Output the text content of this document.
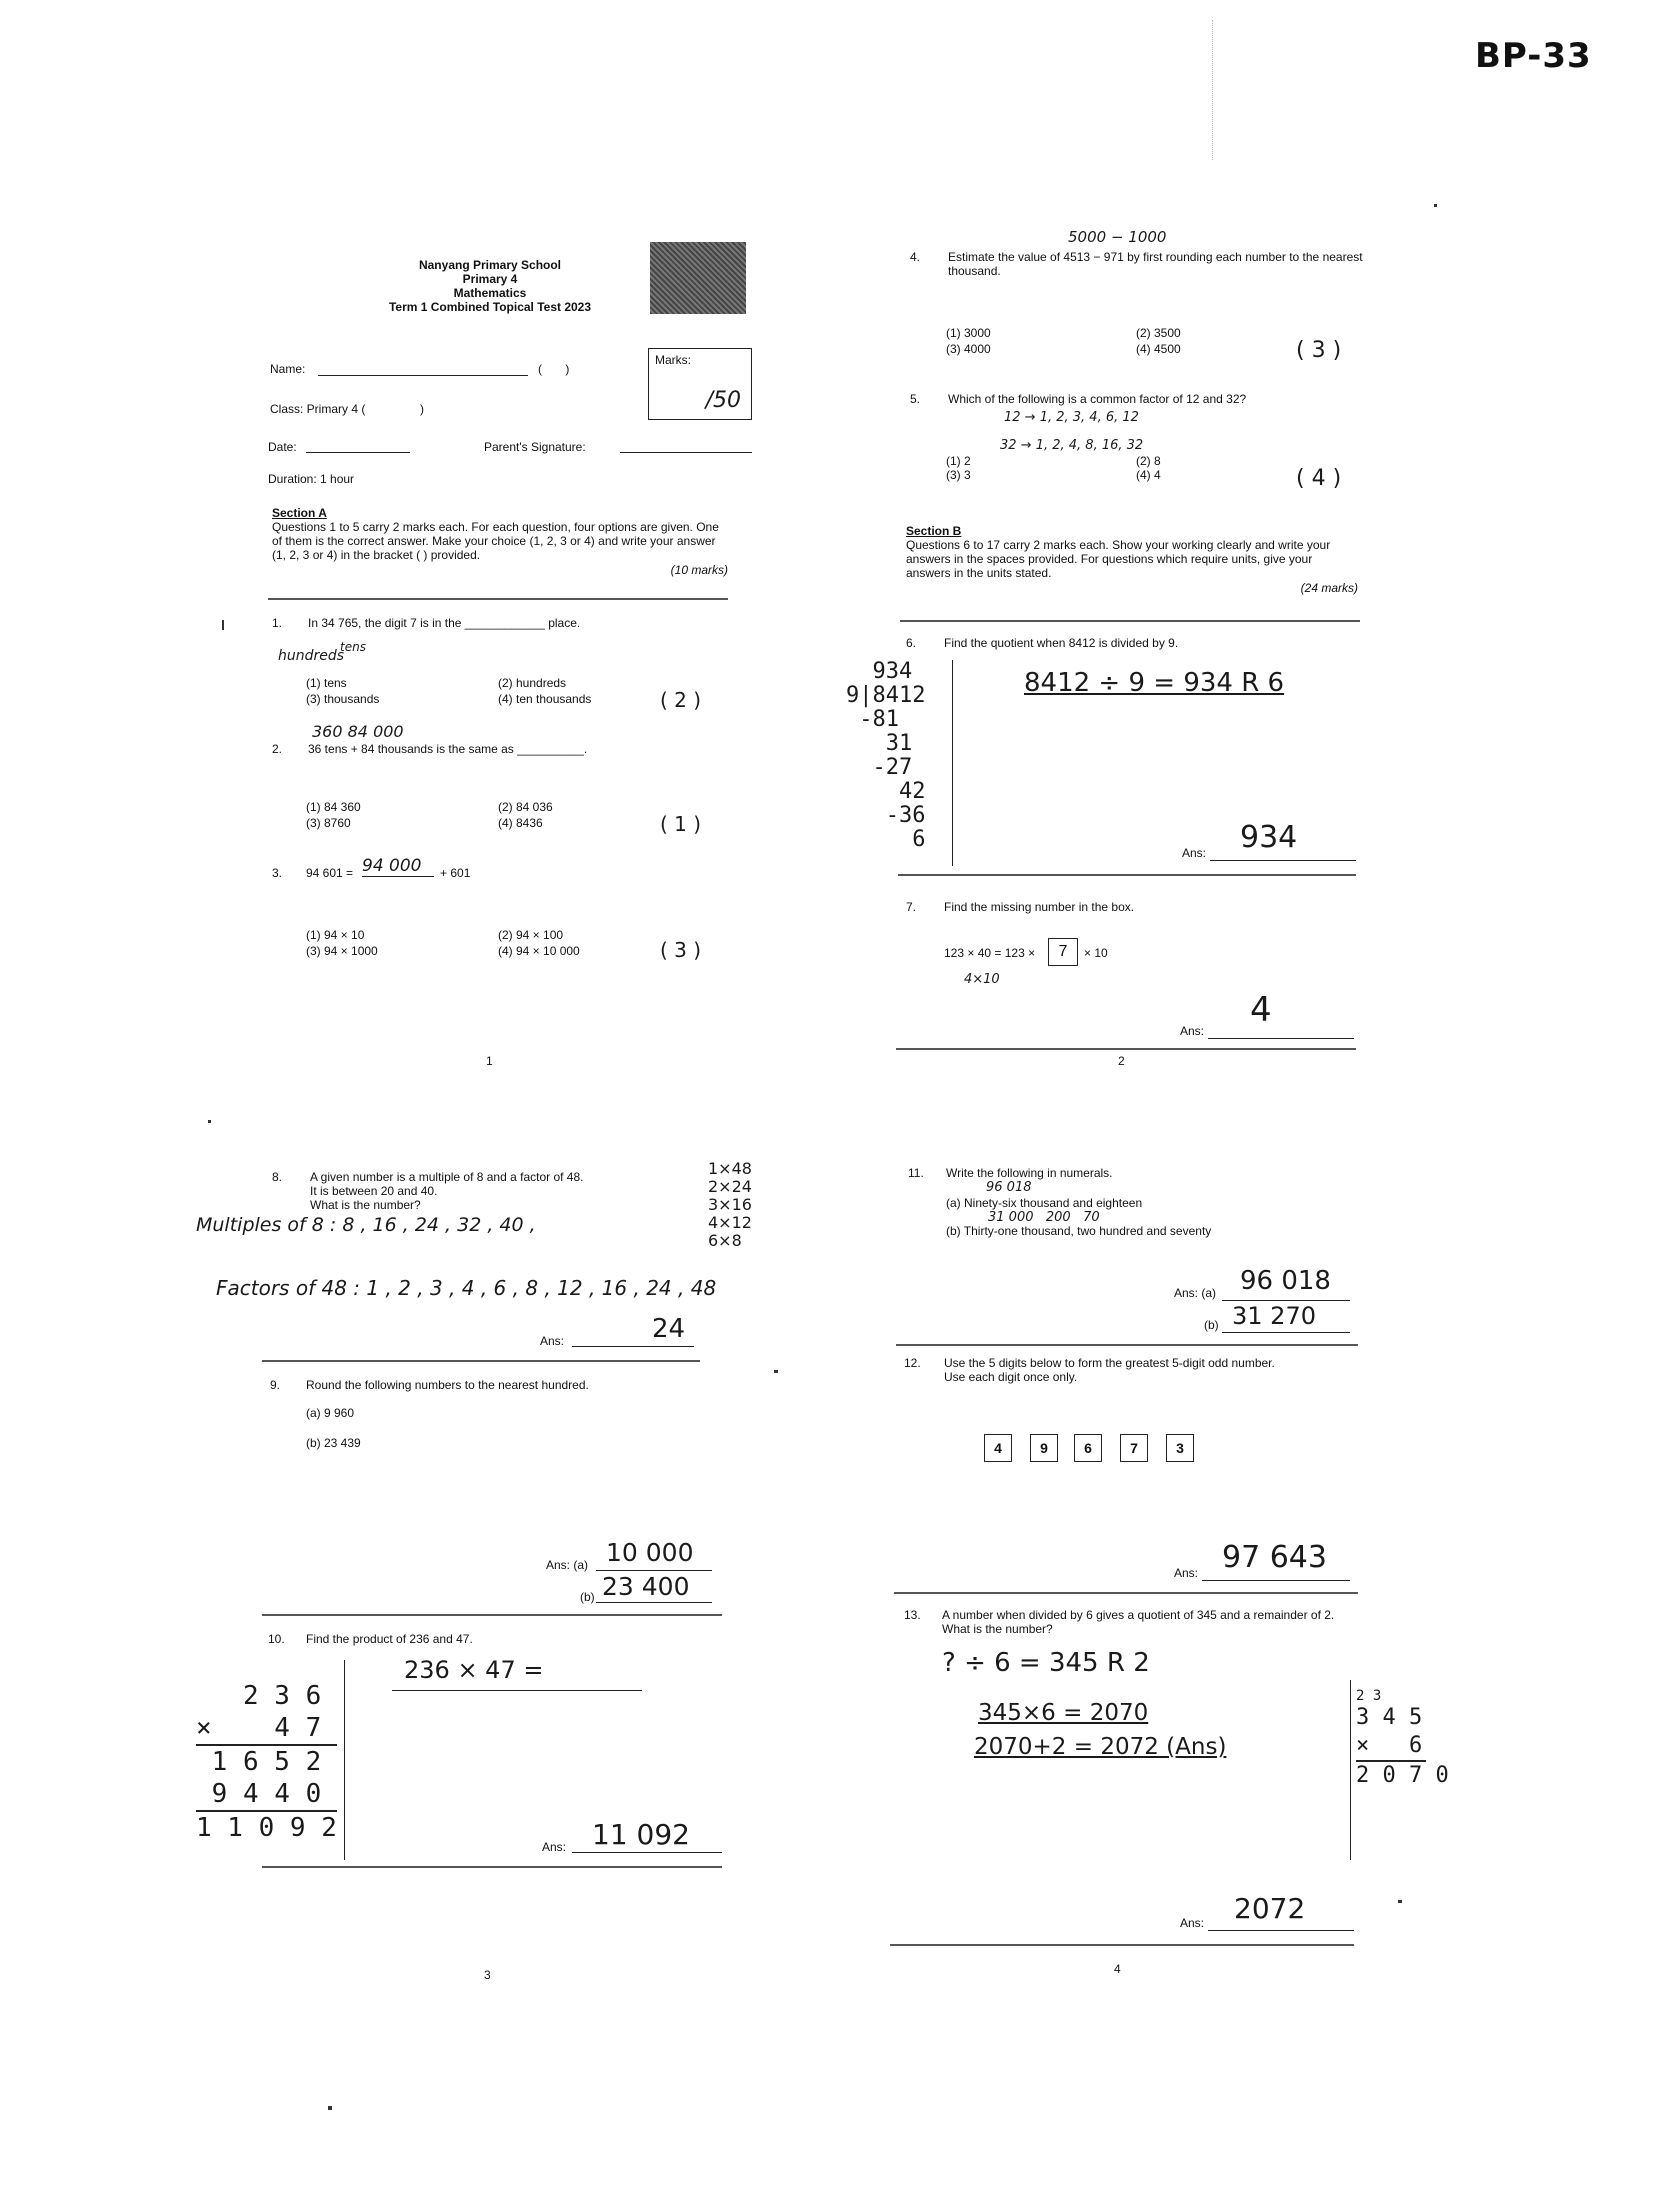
BP-33
Nanyang Primary School
Primary 4
Mathematics
Term 1 Combined Topical Test 2023
Name:	(       )
Class: Primary 4 (	)
Date:	Parent's Signature:
Duration: 1 hour
Marks:
/50
Section A
Questions 1 to 5 carry 2 marks each. For each question, four options are given. One of them is the correct answer. Make your choice (1, 2, 3 or 4) and write your answer (1, 2, 3 or 4) in the bracket ( ) provided.
(10 marks)
1. In 34 765, the digit 7 is in the ____________ place.
hundreds
tens
(1) tens	(2) hundreds
(3) thousands	(4) ten thousands	( 2 )
360 84 000
2. 36 tens + 84 thousands is the same as __________.
(1) 84 360	(2) 84 036
(3) 8760	(4) 8436	( 1 )
3. 94 601 = 94 000	+ 601
(1) 94 × 10	(2) 94 × 100
(3) 94 × 1000	(4) 94 × 10 000	( 3 )
1
5000 − 1000
4. Estimate the value of 4513 − 971 by first rounding each number to the nearest thousand.
(1) 3000	(2) 3500
(3) 4000	(4) 4500	( 3 )
5. Which of the following is a common factor of 12 and 32?
12 → 1, 2, 3, 4, 6, 12
32 → 1, 2, 4, 8, 16, 32
(1) 2	(2) 8
(3) 3	(4) 4	( 4 )
Section B
Questions 6 to 17 carry 2 marks each. Show your working clearly and write your answers in the spaces provided. For questions which require units, give your answers in the units stated.
(24 marks)
6. Find the quotient when 8412 is divided by 9.
8412 ÷ 9 = 934 R 6
934
9|8412
-81
31
-27
42
-36
6
Ans: 934
7. Find the missing number in the box.
123 × 40 = 123 ×	7	× 10
4×10
Ans:
4
2
8. A given number is a multiple of 8 and a factor of 48.
It is between 20 and 40.
What is the number?
1×48
2×24
3×16
4×12
6×8
Multiples of 8 : 8 , 16 , 24 , 32 , 40 ,
Factors of 48 : 1 , 2 , 3 , 4 , 6 , 8 , 12 , 16 , 24 , 48
Ans:	24
9. Round the following numbers to the nearest hundred.
(a) 9 960
(b) 23 439
Ans: (a) 10 000
(b) 23 400
10. Find the product of 236 and 47.
236 × 47 =
2 3 6
×    4 7
1 6 5 2
9 4 4 0
1 1 0 9 2
Ans: 11 092
3
11. Write the following in numerals.
96 018
(a) Ninety-six thousand and eighteen
31 000   200   70
(b) Thirty-one thousand, two hundred and seventy
Ans: (a) 96 018
(b) 31 270
12. Use the 5 digits below to form the greatest 5-digit odd number.
Use each digit once only.
4	9	6	7	3
Ans: 97 643
13. A number when divided by 6 gives a quotient of 345 and a remainder of 2. What is the number?
? ÷ 6 = 345 R 2
345×6 = 2070
2070+2 = 2072 (Ans)
2 3
3 4 5
×   6
2 0 7 0
Ans: 2072
4
